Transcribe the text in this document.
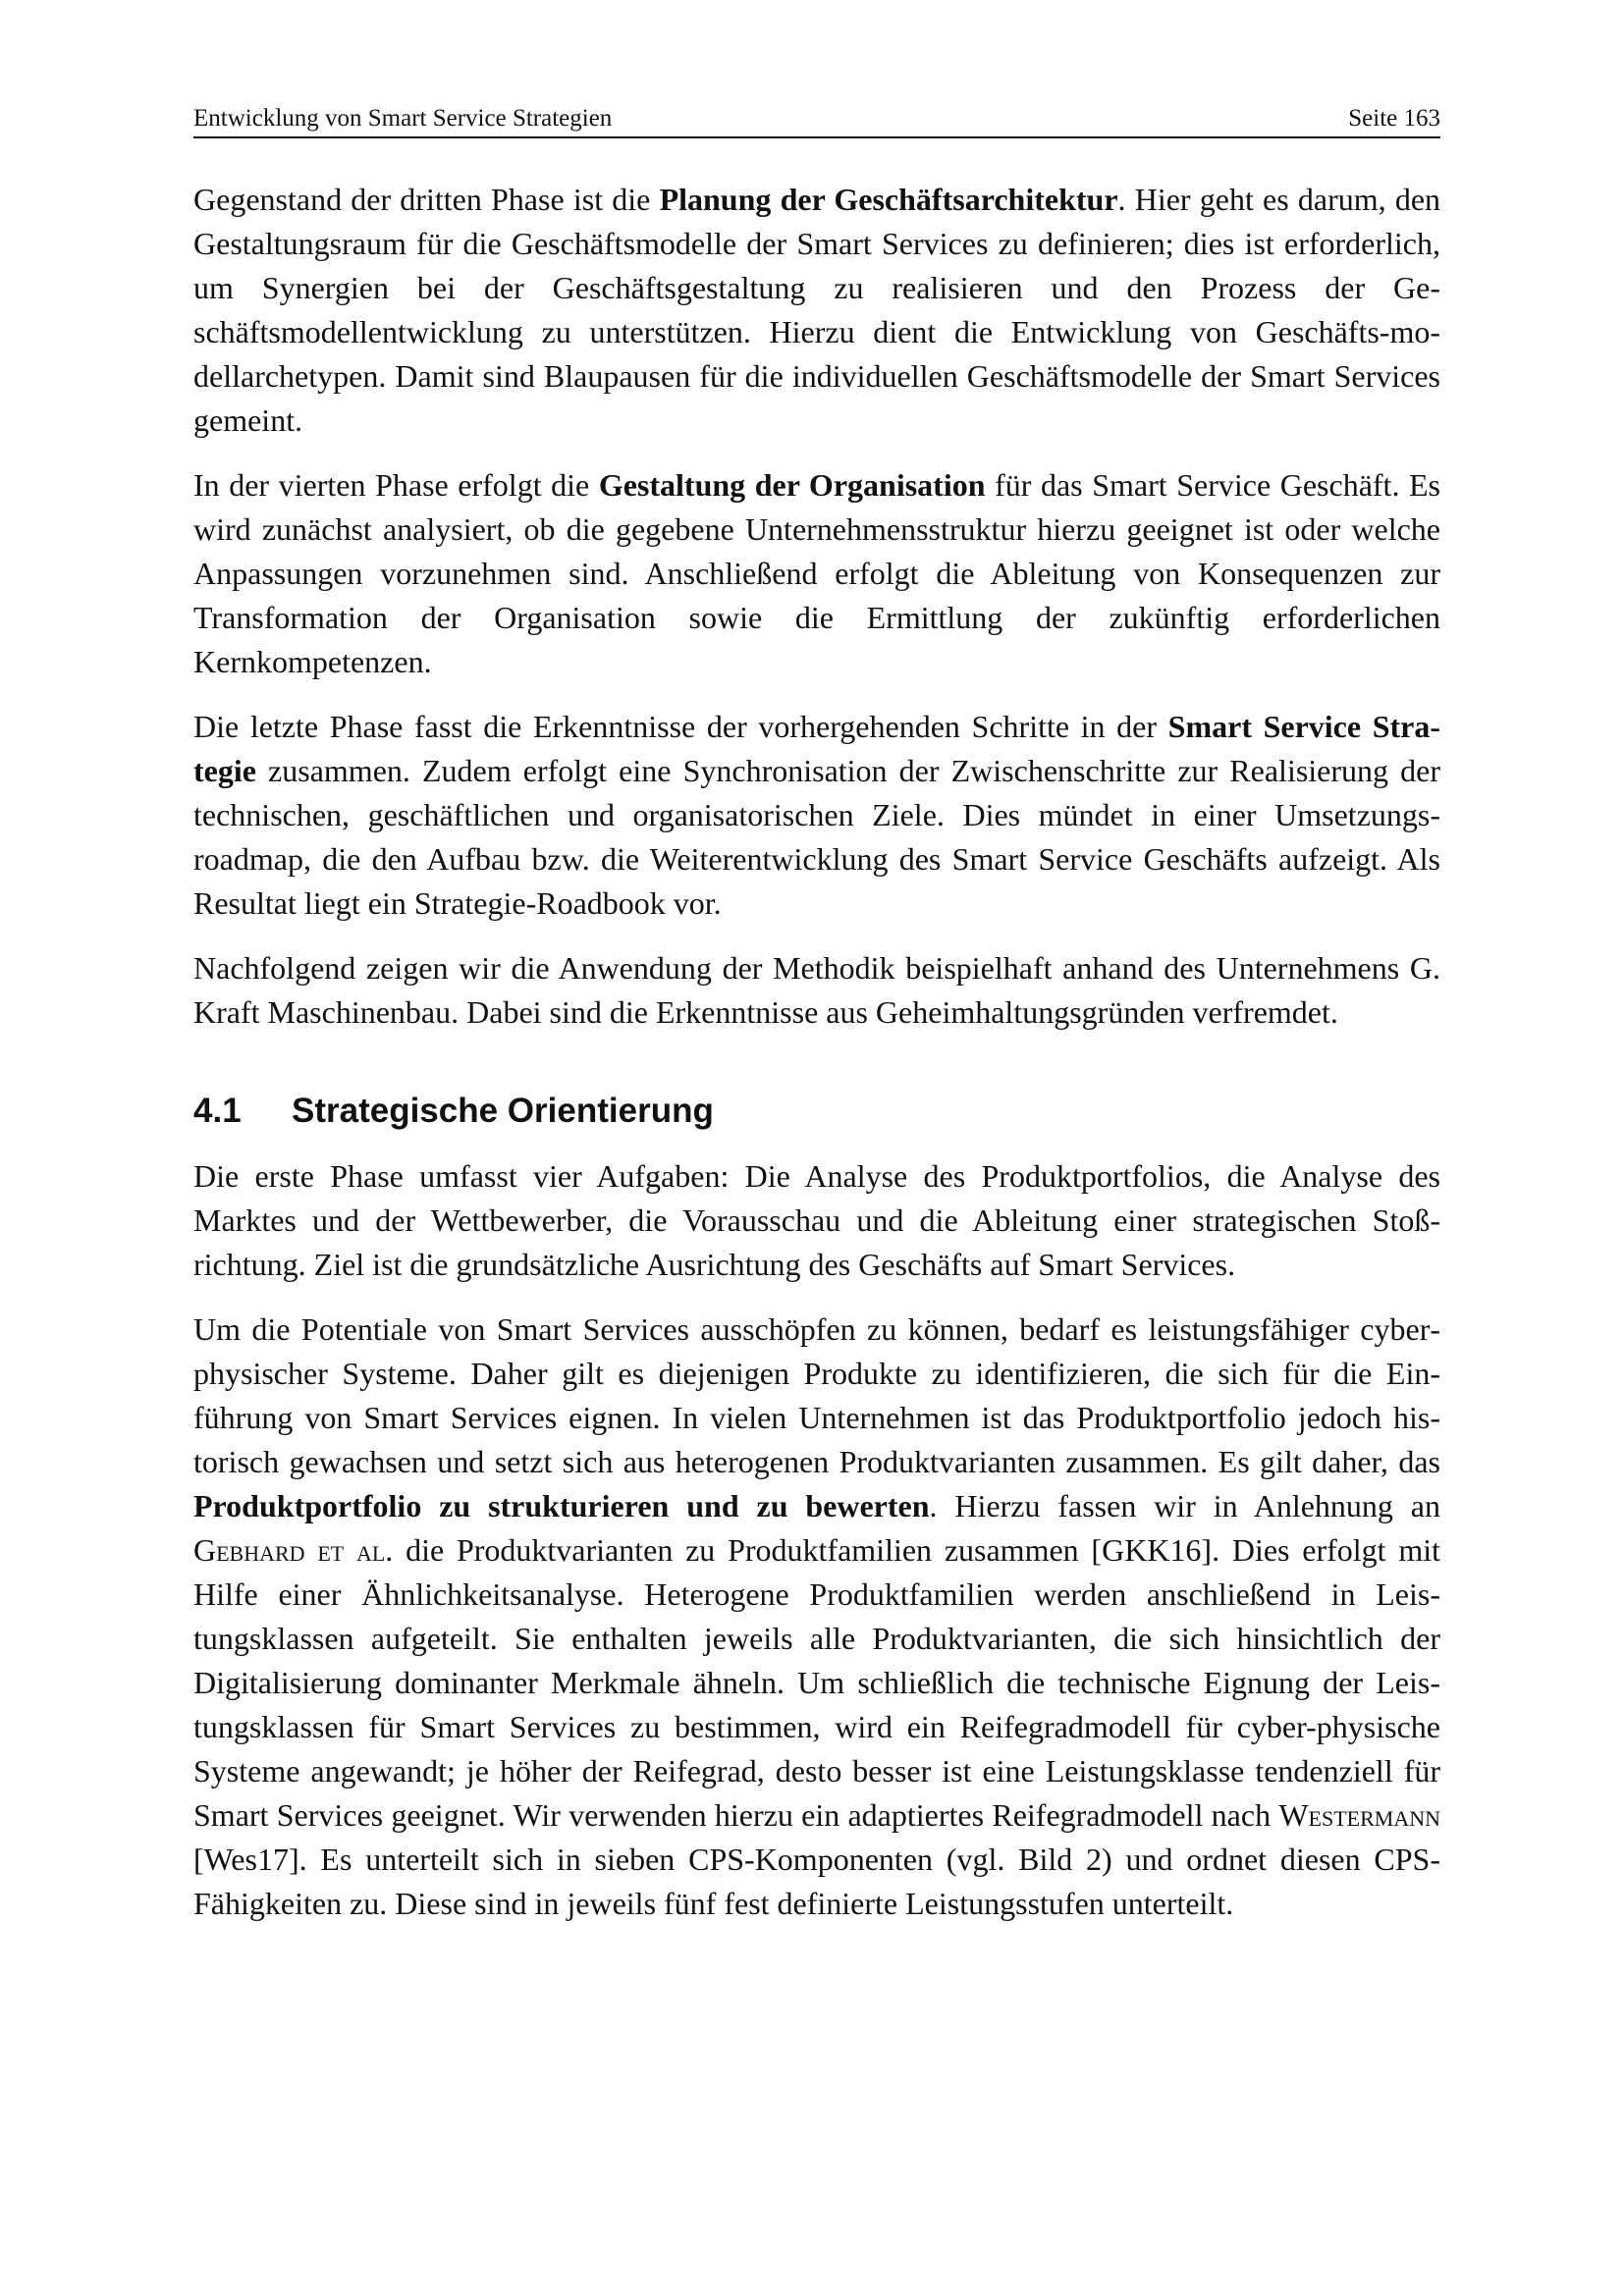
Entwicklung von Smart Service Strategien	Seite 163

Gegenstand der dritten Phase ist die Planung der Geschäftsarchitektur. Hier geht es darum, den Gestaltungsraum für die Geschäftsmodelle der Smart Services zu definieren; dies ist erforderlich, um Synergien bei der Geschäftsgestaltung zu realisieren und den Prozess der Geschäftsmodellentwicklung zu unterstützen. Hierzu dient die Entwicklung von Geschäfts-modellarchetypen. Damit sind Blaupausen für die individuellen Geschäftsmodelle der Smart Services gemeint.

In der vierten Phase erfolgt die Gestaltung der Organisation für das Smart Service Geschäft. Es wird zunächst analysiert, ob die gegebene Unternehmensstruktur hierzu geeignet ist oder welche Anpassungen vorzunehmen sind. Anschließend erfolgt die Ableitung von Konsequenzen zur Transformation der Organisation sowie die Ermittlung der zukünftig erforderlichen Kernkompetenzen.

Die letzte Phase fasst die Erkenntnisse der vorhergehenden Schritte in der Smart Service Strategie zusammen. Zudem erfolgt eine Synchronisation der Zwischenschritte zur Realisierung der technischen, geschäftlichen und organisatorischen Ziele. Dies mündet in einer Umsetzungsroadmap, die den Aufbau bzw. die Weiterentwicklung des Smart Service Geschäfts aufzeigt. Als Resultat liegt ein Strategie-Roadbook vor.

Nachfolgend zeigen wir die Anwendung der Methodik beispielhaft anhand des Unternehmens G. Kraft Maschinenbau. Dabei sind die Erkenntnisse aus Geheimhaltungsgründen verfremdet.

4.1	Strategische Orientierung

Die erste Phase umfasst vier Aufgaben: Die Analyse des Produktportfolios, die Analyse des Marktes und der Wettbewerber, die Vorausschau und die Ableitung einer strategischen Stoßrichtung. Ziel ist die grundsätzliche Ausrichtung des Geschäfts auf Smart Services.

Um die Potentiale von Smart Services ausschöpfen zu können, bedarf es leistungsfähiger cyberphysischer Systeme. Daher gilt es diejenigen Produkte zu identifizieren, die sich für die Einführung von Smart Services eignen. In vielen Unternehmen ist das Produktportfolio jedoch historisch gewachsen und setzt sich aus heterogenen Produktvarianten zusammen. Es gilt daher, das Produktportfolio zu strukturieren und zu bewerten. Hierzu fassen wir in Anlehnung an Gebhard et al. die Produktvarianten zu Produktfamilien zusammen [GKK16]. Dies erfolgt mit Hilfe einer Ähnlichkeitsanalyse. Heterogene Produktfamilien werden anschließend in Leistungsklassen aufgeteilt. Sie enthalten jeweils alle Produktvarianten, die sich hinsichtlich der Digitalisierung dominanter Merkmale ähneln. Um schließlich die technische Eignung der Leistungsklassen für Smart Services zu bestimmen, wird ein Reifegradmodell für cyber-physische Systeme angewandt; je höher der Reifegrad, desto besser ist eine Leistungsklasse tendenziell für Smart Services geeignet. Wir verwenden hierzu ein adaptiertes Reifegradmodell nach Westermann [Wes17]. Es unterteilt sich in sieben CPS-Komponenten (vgl. Bild 2) und ordnet diesen CPS-Fähigkeiten zu. Diese sind in jeweils fünf fest definierte Leistungsstufen unterteilt.
